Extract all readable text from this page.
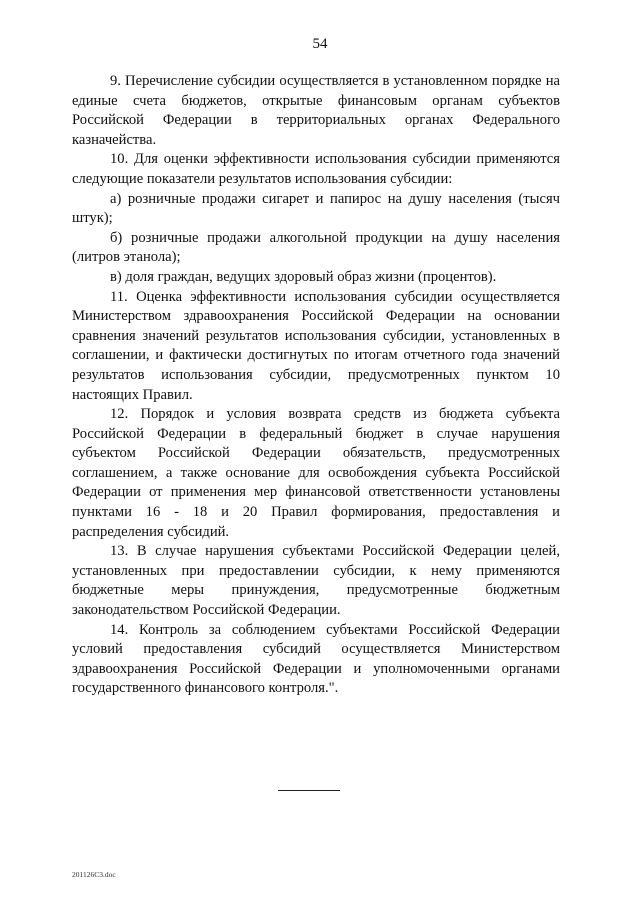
54

9. Перечисление субсидии осуществляется в установленном порядке на единые счета бюджетов, открытые финансовым органам субъектов Российской Федерации в территориальных органах Федерального казначейства.

10. Для оценки эффективности использования субсидии применяются следующие показатели результатов использования субсидии:

а) розничные продажи сигарет и папирос на душу населения (тысяч штук);

б) розничные продажи алкогольной продукции на душу населения (литров этанола);

в) доля граждан, ведущих здоровый образ жизни (процентов).

11. Оценка эффективности использования субсидии осуществляется Министерством здравоохранения Российской Федерации на основании сравнения значений результатов использования субсидии, установленных в соглашении, и фактически достигнутых по итогам отчетного года значений результатов использования субсидии, предусмотренных пунктом 10 настоящих Правил.

12. Порядок и условия возврата средств из бюджета субъекта Российской Федерации в федеральный бюджет в случае нарушения субъектом Российской Федерации обязательств, предусмотренных соглашением, а также основание для освобождения субъекта Российской Федерации от применения мер финансовой ответственности установлены пунктами 16 - 18 и 20 Правил формирования, предоставления и распределения субсидий.

13. В случае нарушения субъектами Российской Федерации целей, установленных при предоставлении субсидии, к нему применяются бюджетные меры принуждения, предусмотренные бюджетным законодательством Российской Федерации.

14. Контроль за соблюдением субъектами Российской Федерации условий предоставления субсидий осуществляется Министерством здравоохранения Российской Федерации и уполномоченными органами государственного финансового контроля.".

201126C3.doc
